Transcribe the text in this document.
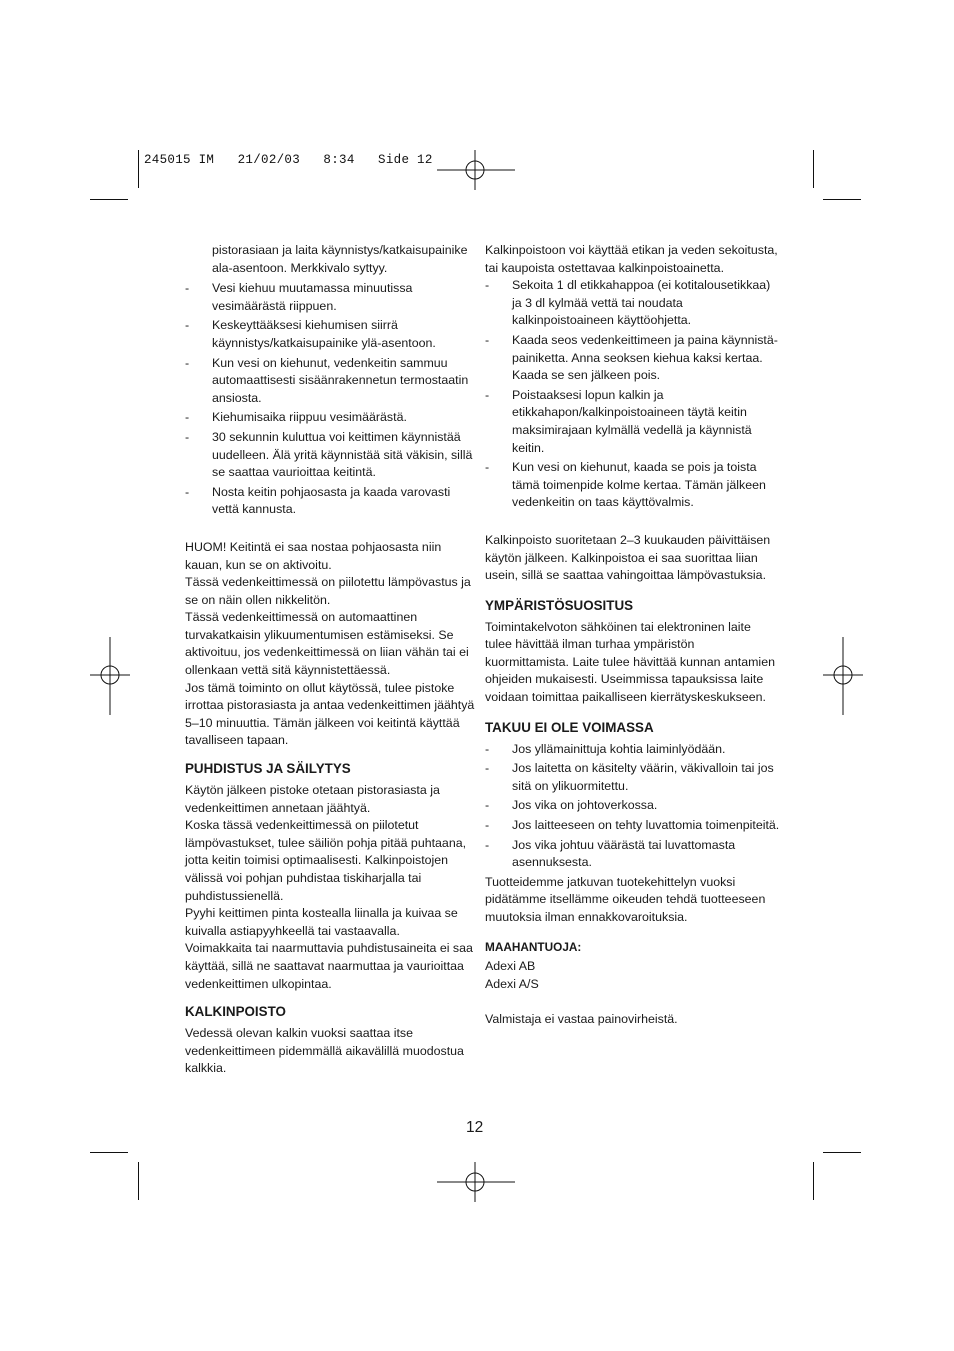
245015 IM   21/02/03   8:34   Side 12

pistorasiaan ja laita käynnistys/katkaisupainike ala-asentoon. Merkkivalo syttyy.

- Vesi kiehuu muutamassa minuutissa vesimäärästä riippuen.
- Keskeyttääksesi kiehumisen siirrä käynnistys/katkaisupainike ylä-asentoon.
- Kun vesi on kiehunut, vedenkeitin sammuu automaattisesti sisäänrakennetun termostaatin ansiosta.
- Kiehumisaika riippuu vesimäärästä.
- 30 sekunnin kuluttua voi keittimen käynnistää uudelleen. Älä yritä käynnistää sitä väkisin, sillä se saattaa vaurioittaa keitintä.
- Nosta keitin pohjaosasta ja kaada varovasti vettä kannusta.

HUOM! Keitintä ei saa nostaa pohjaosasta niin kauan, kun se on aktivoitu.

Tässä vedenkeittimessä on piilotettu lämpövastus ja se on näin ollen nikkelitön.

Tässä vedenkeittimessä on automaattinen turvakatkaisin ylikuumentumisen estämiseksi. Se aktivoituu, jos vedenkeittimessä on liian vähän tai ei ollenkaan vettä sitä käynnistettäessä.

Jos tämä toiminto on ollut käytössä, tulee pistoke irrottaa pistorasiasta ja antaa vedenkeittimen jäähtyä 5–10 minuuttia. Tämän jälkeen voi keitintä käyttää tavalliseen tapaan.

PUHDISTUS JA SÄILYTYS

Käytön jälkeen pistoke otetaan pistorasiasta ja vedenkeittimen annetaan jäähtyä.

Koska tässä vedenkeittimessä on piilotetut lämpövastukset, tulee säiliön pohja pitää puhtaana, jotta keitin toimisi optimaalisesti. Kalkinpoistojen välissä voi pohjan puhdistaa tiskiharjalla tai puhdistussienellä.

Pyyhi keittimen pinta kostealla liinalla ja kuivaa se kuivalla astiapyyhkeellä tai vastaavalla.

Voimakkaita tai naarmuttavia puhdistusaineita ei saa käyttää, sillä ne saattavat naarmuttaa ja vaurioittaa vedenkeittimen ulkopintaa.

KALKINPOISTO

Vedessä olevan kalkin vuoksi saattaa itse vedenkeittimeen pidemmällä aikavälillä muodostua kalkkia.

Kalkinpoistoon voi käyttää etikan ja veden sekoitusta, tai kaupoista ostettavaa kalkinpoistoainetta.

- Sekoita 1 dl etikkahappoa (ei kotitalousetikkaa) ja 3 dl kylmää vettä tai noudata kalkinpoistoaineen käyttöohjetta.
- Kaada seos vedenkeittimeen ja paina käynnistä-painiketta. Anna seoksen kiehua kaksi kertaa. Kaada se sen jälkeen pois.
- Poistaaksesi lopun kalkin ja etikkahapon/kalkinpoistoaineen täytä keitin maksimirajaan kylmällä vedellä ja käynnistä keitin.
- Kun vesi on kiehunut, kaada se pois ja toista tämä toimenpide kolme kertaa. Tämän jälkeen vedenkeitin on taas käyttövalmis.

Kalkinpoisto suoritetaan 2–3 kuukauden päivittäisen käytön jälkeen. Kalkinpoistoa ei saa suorittaa liian usein, sillä se saattaa vahingoittaa lämpövastuksia.

YMPÄRISTÖSUOSITUS

Toimintakelvoton sähköinen tai elektroninen laite tulee hävittää ilman turhaa ympäristön kuormittamista. Laite tulee hävittää kunnan antamien ohjeiden mukaisesti. Useimmissa tapauksissa laite voidaan toimittaa paikalliseen kierrätyskeskukseen.

TAKUU EI OLE VOIMASSA

- Jos yllämainittuja kohtia laiminlyödään.
- Jos laitetta on käsitelty väärin, väkivalloin tai jos sitä on ylikuormitettu.
- Jos vika on johtoverkossa.
- Jos laitteeseen on tehty luvattomia toimenpiteitä.
- Jos vika johtuu väärästä tai luvattomasta asennuksesta.

Tuotteidemme jatkuvan tuotekehittelyn vuoksi pidätämme itsellämme oikeuden tehdä tuotteeseen muutoksia ilman ennakkovaroituksia.

MAAHANTUOJA:

Adexi AB

Adexi A/S

Valmistaja ei vastaa painovirheistä.

12
